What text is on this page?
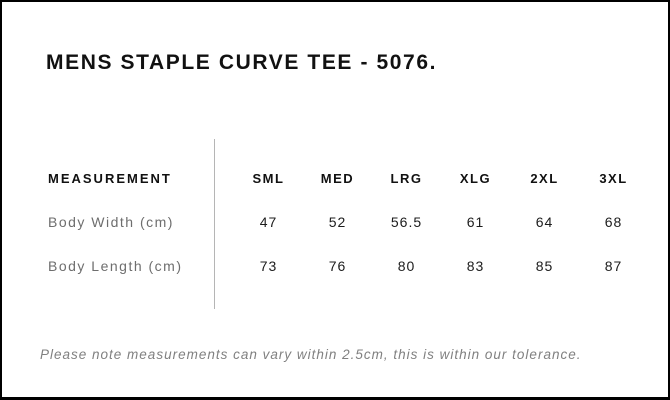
MENS STAPLE CURVE TEE - 5076.
MEASUREMENT	SML	MED	LRG	XLG	2XL	3XL
Body Width (cm)	47	52	56.5	61	64	68
Body Length (cm)	73	76	80	83	85	87

Please note measurements can vary within 2.5cm, this is within our tolerance.
